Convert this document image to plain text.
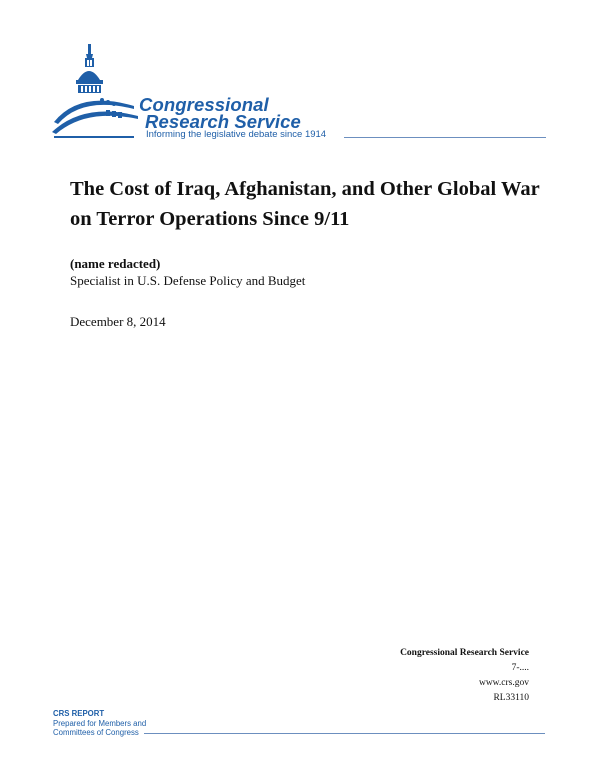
Congressional
Research Service
Informing the legislative debate since 1914
The Cost of Iraq, Afghanistan, and Other Global War on Terror Operations Since 9/11
(name redacted)
Specialist in U.S. Defense Policy and Budget
December 8, 2014
Congressional Research Service
7-....
www.crs.gov
RL33110
CRS REPORT
Prepared for Members and
Committees of Congress
